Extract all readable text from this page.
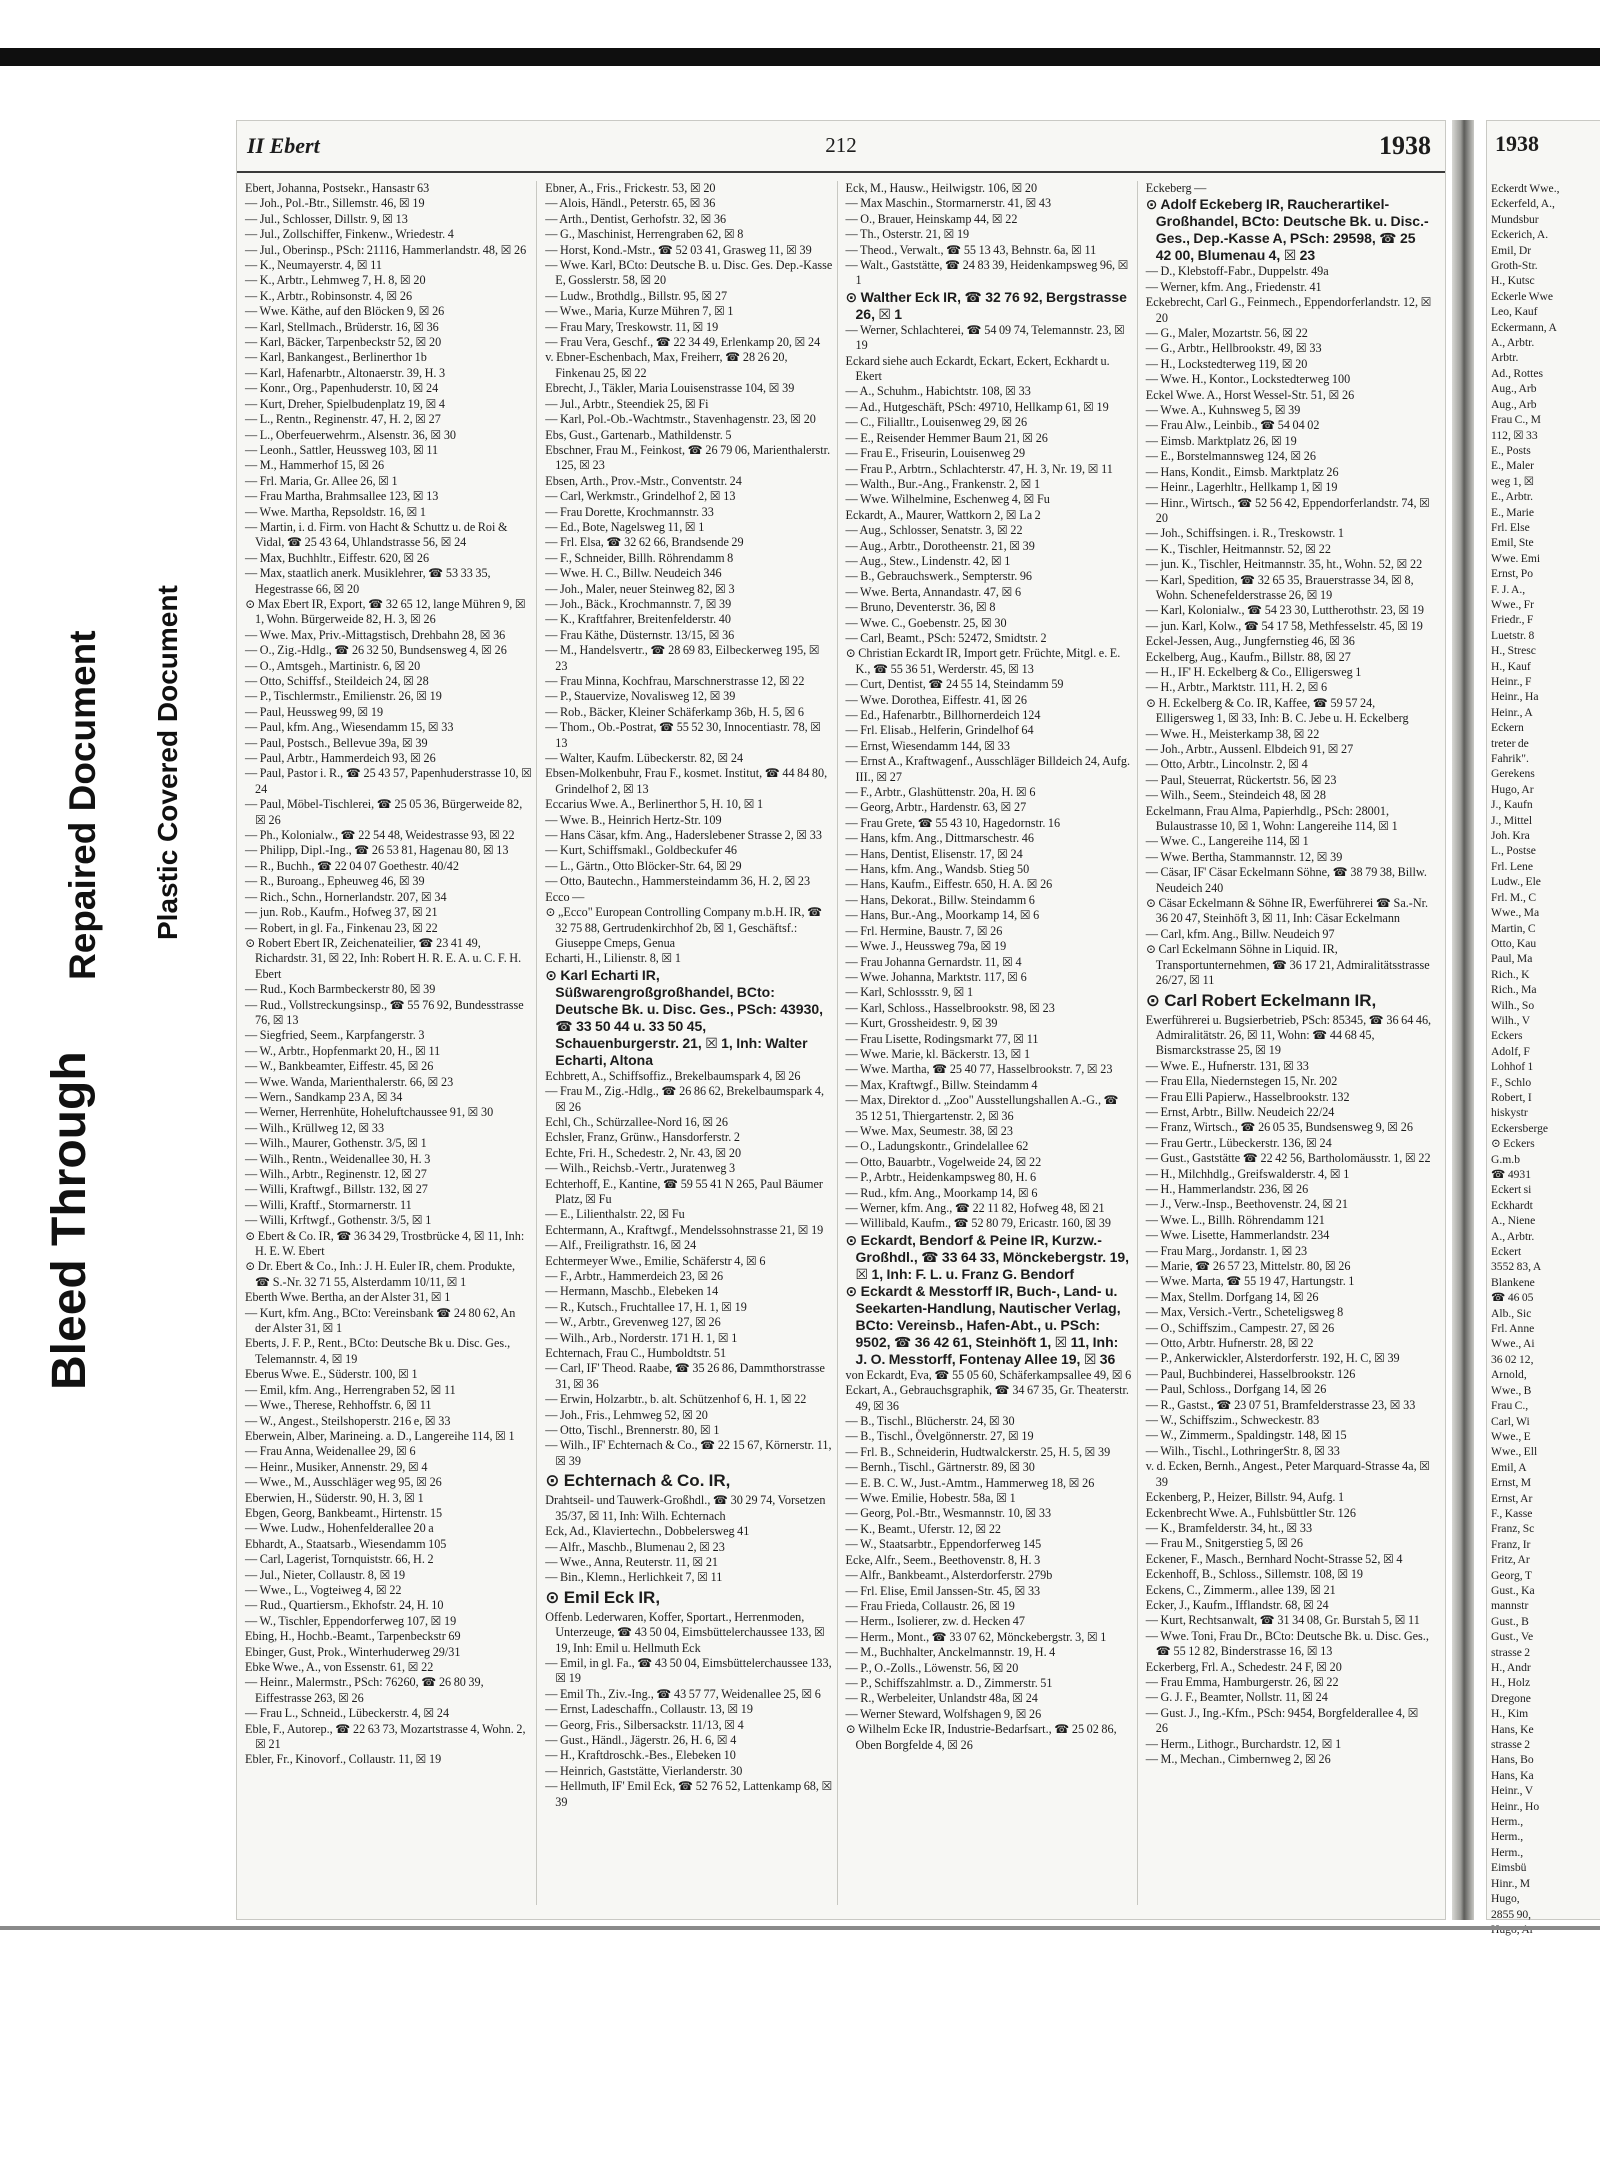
Bleed Through
Repaired Document Plastic Covered Document
II Ebert	212	1938

Ebert, Johanna, Postsekr., Hansastr 63

— Joh., Pol.-Btr., Sillemstr. 46, ☒ 19

— Jul., Schlosser, Dillstr. 9, ☒ 13

— Jul., Zollschiffer, Finkenw., Wriedestr. 4

— Jul., Oberinsp., PSch: 21116, Hammerlandstr. 48, ☒ 26

— K., Neumayerstr. 4, ☒ 11

— K., Arbtr., Lehmweg 7, H. 8, ☒ 20

— K., Arbtr., Robinsonstr. 4, ☒ 26

— Wwe. Käthe, auf den Blöcken 9, ☒ 26

— Karl, Stellmach., Brüderstr. 16, ☒ 36

— Karl, Bäcker, Tarpenbeckstr 52, ☒ 20

— Karl, Bankangest., Berlinerthor 1b

— Karl, Hafenarbtr., Altonaerstr. 39, H. 3

— Konr., Org., Papenhuderstr. 10, ☒ 24

— Kurt, Dreher, Spielbudenplatz 19, ☒ 4

— L., Rentn., Reginenstr. 47, H. 2, ☒ 27

— L., Oberfeuerwehrm., Alsenstr. 36, ☒ 30

— Leonh., Sattler, Heussweg 103, ☒ 11

— M., Hammerhof 15, ☒ 26

— Frl. Maria, Gr. Allee 26, ☒ 1

— Frau Martha, Brahmsallee 123, ☒ 13

— Wwe. Martha, Repsoldstr. 16, ☒ 1

— Martin, i. d. Firm. von Hacht & Schuttz u. de Roi & Vidal, ☎ 25 43 64, Uhlandstrasse 56, ☒ 24

— Max, Buchhltr., Eiffestr. 620, ☒ 26

— Max, staatlich anerk. Musiklehrer, ☎ 53 33 35, Hegestrasse 66, ☒ 20

⊙ Max Ebert IR, Export, ☎ 32 65 12, lange Mühren 9, ☒ 1, Wohn. Bürgerweide 82, H. 3, ☒ 26

— Wwe. Max, Priv.-Mittagstisch, Drehbahn 28, ☒ 36

— O., Zig.-Hdlg., ☎ 26 32 50, Bundsensweg 4, ☒ 26

— O., Amtsgeh., Martinistr. 6, ☒ 20

— Otto, Schiffsf., Steildeich 24, ☒ 28

— P., Tischlermstr., Emilienstr. 26, ☒ 19

— Paul, Heussweg 99, ☒ 19

— Paul, kfm. Ang., Wiesendamm 15, ☒ 33

— Paul, Postsch., Bellevue 39a, ☒ 39

— Paul, Arbtr., Hammerdeich 93, ☒ 26

— Paul, Pastor i. R., ☎ 25 43 57, Papenhuderstrasse 10, ☒ 24

— Paul, Möbel-Tischlerei, ☎ 25 05 36, Bürgerweide 82, ☒ 26

— Ph., Kolonialw., ☎ 22 54 48, Weidestrasse 93, ☒ 22

— Philipp, Dipl.-Ing., ☎ 26 53 81, Hagenau 80, ☒ 13

— R., Buchh., ☎ 22 04 07 Goethestr. 40/42

— R., Buroang., Epheuweg 46, ☒ 39

— Rich., Schn., Hornerlandstr. 207, ☒ 34

— jun. Rob., Kaufm., Hofweg 37, ☒ 21

— Robert, in gl. Fa., Finkenau 23, ☒ 22

⊙ Robert Ebert IR, Zeichenateilier, ☎ 23 41 49, Richardstr. 31, ☒ 22, Inh: Robert H. R. E. A. u. C. F. H. Ebert

— Rud., Koch Barmbeckerstr 80, ☒ 39

— Rud., Vollstreckungsinsp., ☎ 55 76 92, Bundesstrasse 76, ☒ 13

— Siegfried, Seem., Karpfangerstr. 3

— W., Arbtr., Hopfenmarkt 20, H., ☒ 11

— W., Bankbeamter, Eiffestr. 45, ☒ 26

— Wwe. Wanda, Marienthalerstr. 66, ☒ 23

— Wern., Sandkamp 23 A, ☒ 34

— Werner, Herrenhüte, Hoheluftchaussee 91, ☒ 30

— Wilh., Krüllweg 12, ☒ 33

— Wilh., Maurer, Gothenstr. 3/5, ☒ 1

— Wilh., Rentn., Weidenallee 30, H. 3

— Wilh., Arbtr., Reginenstr. 12, ☒ 27

— Willi, Kraftwgf., Billstr. 132, ☒ 27

— Willi, Kraftf., Stormarnerstr. 11

— Willi, Krftwgf., Gothenstr. 3/5, ☒ 1

⊙ Ebert & Co. IR, ☎ 36 34 29, Trostbrücke 4, ☒ 11, Inh: H. E. W. Ebert

⊙ Dr. Ebert & Co., Inh.: J. H. Euler IR, chem. Produkte, ☎ S.-Nr. 32 71 55, Alsterdamm 10/11, ☒ 1

Eberth Wwe. Bertha, an der Alster 31, ☒ 1

— Kurt, kfm. Ang., BCto: Vereinsbank ☎ 24 80 62, An der Alster 31, ☒ 1

Eberts, J. F. P., Rent., BCto: Deutsche Bk u. Disc. Ges., Telemannstr. 4, ☒ 19

Eberus Wwe. E., Süderstr. 100, ☒ 1

— Emil, kfm. Ang., Herrengraben 52, ☒ 11

— Wwe., Therese, Rehhoffstr. 6, ☒ 11

— W., Angest., Steilshoperstr. 216 e, ☒ 33

Eberwein, Alber, Marineing. a. D., Langereihe 114, ☒ 1

— Frau Anna, Weidenallee 29, ☒ 6

— Heinr., Musiker, Annenstr. 29, ☒ 4

— Wwe., M., Ausschläger weg 95, ☒ 26

Eberwien, H., Süderstr. 90, H. 3, ☒ 1

Ebgen, Georg, Bankbeamt., Hirtenstr. 15

— Wwe. Ludw., Hohenfelderallee 20 a

Ebhardt, A., Staatsarb., Wiesendamm 105

— Carl, Lagerist, Tornquiststr. 66, H. 2

— Jul., Nieter, Collaustr. 8, ☒ 19

— Wwe., L., Vogteiweg 4, ☒ 22

— Rud., Quartiersm., Ekhofstr. 24, H. 10

— W., Tischler, Eppendorferweg 107, ☒ 19

Ebing, H., Hochb.-Beamt., Tarpenbeckstr 69

Ebinger, Gust, Prok., Winterhuderweg 29/31

Ebke Wwe., A., von Essenstr. 61, ☒ 22

— Heinr., Malermstr., PSch: 76260, ☎ 26 80 39, Eiffestrasse 263, ☒ 26

— Frau L., Schneid., Lübeckerstr. 4, ☒ 24

Eble, F., Autorep., ☎ 22 63 73, Mozartstrasse 4, Wohn. 2, ☒ 21

Ebler, Fr., Kinovorf., Collaustr. 11, ☒ 19

Ebner, A., Fris., Frickestr. 53, ☒ 20

— Alois, Händl., Peterstr. 65, ☒ 36

— Arth., Dentist, Gerhofstr. 32, ☒ 36

— G., Maschinist, Herrengraben 62, ☒ 8

— Horst, Kond.-Mstr., ☎ 52 03 41, Grasweg 11, ☒ 39

— Wwe. Karl, BCto: Deutsche B. u. Disc. Ges. Dep.-Kasse E, Gosslerstr. 58, ☒ 20

— Ludw., Brothdlg., Billstr. 95, ☒ 27

— Wwe., Maria, Kurze Mühren 7, ☒ 1

— Frau Mary, Treskowstr. 11, ☒ 19

— Frau Vera, Geschf., ☎ 22 34 49, Erlenkamp 20, ☒ 24

v. Ebner-Eschenbach, Max, Freiherr, ☎ 28 26 20, Finkenau 25, ☒ 22

Ebrecht, J., Täkler, Maria Louisenstrasse 104, ☒ 39

— Jul., Arbtr., Steendiek 25, ☒ Fi

— Karl, Pol.-Ob.-Wachtmstr., Stavenhagenstr. 23, ☒ 20

Ebs, Gust., Gartenarb., Mathildenstr. 5

Ebschner, Frau M., Feinkost, ☎ 26 79 06, Marienthalerstr. 125, ☒ 23

Ebsen, Arth., Prov.-Mstr., Conventstr. 24

— Carl, Werkmstr., Grindelhof 2, ☒ 13

— Frau Dorette, Krochmannstr. 33

— Ed., Bote, Nagelsweg 11, ☒ 1

— Frl. Elsa, ☎ 32 62 66, Brandsende 29

— F., Schneider, Billh. Röhrendamm 8

— Wwe. H. C., Billw. Neudeich 346

— Joh., Maler, neuer Steinweg 82, ☒ 3

— Joh., Bäck., Krochmannstr. 7, ☒ 39

— K., Kraftfahrer, Breitenfelderstr. 40

— Frau Käthe, Düsternstr. 13/15, ☒ 36

— M., Handelsvertr., ☎ 28 69 83, Eilbeckerweg 195, ☒ 23

— Frau Minna, Kochfrau, Marschnerstrasse 12, ☒ 22

— P., Stauervize, Novalisweg 12, ☒ 39

— Rob., Bäcker, Kleiner Schäferkamp 36b, H. 5, ☒ 6

— Thom., Ob.-Postrat, ☎ 55 52 30, Innocentiastr. 78, ☒ 13

— Walter, Kaufm. Lübeckerstr. 82, ☒ 24

Ebsen-Molkenbuhr, Frau F., kosmet. Institut, ☎ 44 84 80, Grindelhof 2, ☒ 13

Eccarius Wwe. A., Berlinerthor 5, H. 10, ☒ 1

— Wwe. B., Heinrich Hertz-Str. 109

— Hans Cäsar, kfm. Ang., Haderslebener Strasse 2, ☒ 33

— Kurt, Schiffsmakl., Goldbeckufer 46

— L., Gärtn., Otto Blöcker-Str. 64, ☒ 29

— Otto, Bautechn., Hammersteindamm 36, H. 2, ☒ 23

Ecco —

⊙ „Ecco" European Controlling Company m.b.H. IR, ☎ 32 75 88, Gertrudenkirchhof 2b, ☒ 1, Geschäftsf.: Giuseppe Cmeps, Genua

Echarti, H., Lilienstr. 8, ☒ 1

⊙ Karl Echarti IR, Süßwarengroßgroßhandel, BCto: Deutsche Bk. u. Disc. Ges., PSch: 43930, ☎ 33 50 44 u. 33 50 45, Schauenburgerstr. 21, ☒ 1, Inh: Walter Echarti, Altona

Echbrett, A., Schiffsoffiz., Brekelbaumspark 4, ☒ 26

— Frau M., Zig.-Hdlg., ☎ 26 86 62, Brekelbaumspark 4, ☒ 26

Echl, Ch., Schürzallee-Nord 16, ☒ 26

Echsler, Franz, Grünw., Hansdorferstr. 2

Echte, Fri. H., Schedestr. 2, Nr. 43, ☒ 20

— Wilh., Reichsb.-Vertr., Juratenweg 3

Echterhoff, E., Kantine, ☎ 59 55 41 N 265, Paul Bäumer Platz, ☒ Fu

— E., Lilienthalstr. 22, ☒ Fu

Echtermann, A., Kraftwgf., Mendelssohnstrasse 21, ☒ 19

— Alf., Freiligrathstr. 16, ☒ 24

Echtermeyer Wwe., Emilie, Schäferstr 4, ☒ 6

— F., Arbtr., Hammerdeich 23, ☒ 26

— Hermann, Maschb., Elebeken 14

— R., Kutsch., Fruchtallee 17, H. 1, ☒ 19

— W., Arbtr., Grevenweg 127, ☒ 26

— Wilh., Arb., Norderstr. 171 H. 1, ☒ 1

Echternach, Frau C., Humboldtstr. 51

— Carl, IF' Theod. Raabe, ☎ 35 26 86, Dammthorstrasse 31, ☒ 36

— Erwin, Holzarbtr., b. alt. Schützenhof 6, H. 1, ☒ 22

— Joh., Fris., Lehmweg 52, ☒ 20

— Otto, Tischl., Brennerstr. 80, ☒ 1

— Wilh., IF' Echternach & Co., ☎ 22 15 67, Körnerstr. 11, ☒ 39

⊙ Echternach & Co. IR,

Drahtseil- und Tauwerk-Großhdl., ☎ 30 29 74, Vorsetzen 35/37, ☒ 11, Inh: Wilh. Echternach

Eck, Ad., Klaviertechn., Dobbelersweg 41

— Alfr., Maschb., Blumenau 2, ☒ 23

— Wwe., Anna, Reuterstr. 11, ☒ 21

— Bin., Klemn., Herlichkeit 7, ☒ 11

⊙ Emil Eck IR,

Offenb. Lederwaren, Koffer, Sportart., Herrenmoden, Unterzeuge, ☎ 43 50 04, Eimsbüttelerchaussee 133, ☒ 19, Inh: Emil u. Hellmuth Eck

— Emil, in gl. Fa., ☎ 43 50 04, Eimsbüttelerchaussee 133, ☒ 19

— Emil Th., Ziv.-Ing., ☎ 43 57 77, Weidenallee 25, ☒ 6

— Ernst, Ladeschaffn., Collaustr. 13, ☒ 19

— Georg, Fris., Silbersackstr. 11/13, ☒ 4

— Gust., Händl., Jägerstr. 26, H. 6, ☒ 4

— H., Kraftdroschk.-Bes., Elebeken 10

— Heinrich, Gaststätte, Vierlanderstr. 30

— Hellmuth, IF' Emil Eck, ☎ 52 76 52, Lattenkamp 68, ☒ 39

Eck, M., Hausw., Heilwigstr. 106, ☒ 20

— Max Maschin., Stormarnerstr. 41, ☒ 43

— O., Brauer, Heinskamp 44, ☒ 22

— Th., Osterstr. 21, ☒ 19

— Theod., Verwalt., ☎ 55 13 43, Behnstr. 6a, ☒ 11

— Walt., Gaststätte, ☎ 24 83 39, Heidenkampsweg 96, ☒ 1

⊙ Walther Eck IR, ☎ 32 76 92, Bergstrasse 26, ☒ 1

— Werner, Schlachterei, ☎ 54 09 74, Telemannstr. 23, ☒ 19

Eckard siehe auch Eckardt, Eckart, Eckert, Eckhardt u. Ekert

— A., Schuhm., Habichtstr. 108, ☒ 33

— Ad., Hutgeschäft, PSch: 49710, Hellkamp 61, ☒ 19

— C., Filialltr., Louisenweg 29, ☒ 26

— E., Reisender Hemmer Baum 21, ☒ 26

— Frau E., Friseurin, Louisenweg 29

— Frau P., Arbtrn., Schlachterstr. 47, H. 3, Nr. 19, ☒ 11

— Walth., Bur.-Ang., Frankenstr. 2, ☒ 1

— Wwe. Wilhelmine, Eschenweg 4, ☒ Fu

Eckardt, A., Maurer, Wattkorn 2, ☒ La 2

— Aug., Schlosser, Senatstr. 3, ☒ 22

— Aug., Arbtr., Dorotheenstr. 21, ☒ 39

— Aug., Stew., Lindenstr. 42, ☒ 1

— B., Gebrauchswerk., Sempterstr. 96

— Wwe. Berta, Annandastr. 47, ☒ 6

— Bruno, Deventerstr. 36, ☒ 8

— Wwe. C., Goebenstr. 25, ☒ 30

— Carl, Beamt., PSch: 52472, Smidtstr. 2

⊙ Christian Eckardt IR, Import getr. Früchte, Mitgl. e. E. K., ☎ 55 36 51, Werderstr. 45, ☒ 13

— Curt, Dentist, ☎ 24 55 14, Steindamm 59

— Wwe. Dorothea, Eiffestr. 41, ☒ 26

— Ed., Hafenarbtr., Billhornerdeich 124

— Frl. Elisab., Helferin, Grindelhof 64

— Ernst, Wiesendamm 144, ☒ 33

— Ernst A., Kraftwagenf., Ausschläger Billdeich 24, Aufg. III., ☒ 27

— F., Arbtr., Glashüttenstr. 20a, H. ☒ 6

— Georg, Arbtr., Hardenstr. 63, ☒ 27

— Frau Grete, ☎ 55 43 10, Hagedornstr. 16

— Hans, kfm. Ang., Dittmarschestr. 46

— Hans, Dentist, Elisenstr. 17, ☒ 24

— Hans, kfm. Ang., Wandsb. Stieg 50

— Hans, Kaufm., Eiffestr. 650, H. A. ☒ 26

— Hans, Dekorat., Billw. Steindamm 6

— Hans, Bur.-Ang., Moorkamp 14, ☒ 6

— Frl. Hermine, Baustr. 7, ☒ 26

— Wwe. J., Heussweg 79a, ☒ 19

— Frau Johanna Gernardstr. 11, ☒ 4

— Wwe. Johanna, Marktstr. 117, ☒ 6

— Karl, Schlossstr. 9, ☒ 1

— Karl, Schloss., Hasselbrookstr. 98, ☒ 23

— Kurt, Grossheidestr. 9, ☒ 39

— Frau Lisette, Rodingsmarkt 77, ☒ 11

— Wwe. Marie, kl. Bäckerstr. 13, ☒ 1

— Wwe. Martha, ☎ 25 40 77, Hasselbrookstr. 7, ☒ 23

— Max, Kraftwgf., Billw. Steindamm 4

— Max, Direktor d. „Zoo" Ausstellungshallen A.-G., ☎ 35 12 51, Thiergartenstr. 2, ☒ 36

— Wwe. Max, Seumestr. 38, ☒ 23

— O., Ladungskontr., Grindelallee 62

— Otto, Bauarbtr., Vogelweide 24, ☒ 22

— P., Arbtr., Heidenkampsweg 80, H. 6

— Rud., kfm. Ang., Moorkamp 14, ☒ 6

— Werner, kfm. Ang., ☎ 22 11 82, Hofweg 48, ☒ 21

— Willibald, Kaufm., ☎ 52 80 79, Ericastr. 160, ☒ 39

⊙ Eckardt, Bendorf & Peine IR, Kurzw.-Großhdl., ☎ 33 64 33, Mönckebergstr. 19, ☒ 1, Inh: F. L. u. Franz G. Bendorf

⊙ Eckardt & Messtorff IR, Buch-, Land- u. Seekarten-Handlung, Nautischer Verlag, BCto: Vereinsb., Hafen-Abt., u. PSch: 9502, ☎ 36 42 61, Steinhöft 1, ☒ 11, Inh: J. O. Messtorff, Fontenay Allee 19, ☒ 36

von Eckardt, Eva, ☎ 55 05 60, Schäferkampsallee 49, ☒ 6

Eckart, A., Gebrauchsgraphik, ☎ 34 67 35, Gr. Theaterstr. 49, ☒ 36

— B., Tischl., Blücherstr. 24, ☒ 30

— B., Tischl., Övelgönnerstr. 27, ☒ 19

— Frl. B., Schneiderin, Hudtwalckerstr. 25, H. 5, ☒ 39

— Bernh., Tischl., Gärtnerstr. 89, ☒ 30

— E. B. C. W., Just.-Amtm., Hammerweg 18, ☒ 26

— Wwe. Emilie, Hobestr. 58a, ☒ 1

— Georg, Pol.-Btr., Wesmannstr. 10, ☒ 33

— K., Beamt., Uferstr. 12, ☒ 22

— W., Staatsarbtr., Eppendorferweg 145

Ecke, Alfr., Seem., Beethovenstr. 8, H. 3

— Alfr., Bankbeamt., Alsterdorferstr. 279b

— Frl. Elise, Emil Janssen-Str. 45, ☒ 33

— Frau Frieda, Collaustr. 26, ☒ 19

— Herm., Isolierer, zw. d. Hecken 47

— Herm., Mont., ☎ 33 07 62, Mönckebergstr. 3, ☒ 1

— M., Buchhalter, Anckelmannstr. 19, H. 4

— P., O.-Zolls., Löwenstr. 56, ☒ 20

— P., Schiffszahlmstr. a. D., Zimmerstr. 51

— R., Werbeleiter, Unlandstr 48a, ☒ 24

— Werner Steward, Wolfshagen 9, ☒ 26

⊙ Wilhelm Ecke IR, Industrie-Bedarfsart., ☎ 25 02 86, Oben Borgfelde 4, ☒ 26

Eckeberg —

⊙ Adolf Eckeberg IR, Raucherartikel-Großhandel, BCto: Deutsche Bk. u. Disc.-Ges., Dep.-Kasse A, PSch: 29598, ☎ 25 42 00, Blumenau 4, ☒ 23

— D., Klebstoff-Fabr., Duppelstr. 49a

— Werner, kfm. Ang., Friedenstr. 41

Eckebrecht, Carl G., Feinmech., Eppendorferlandstr. 12, ☒ 20

— G., Maler, Mozartstr. 56, ☒ 22

— G., Arbtr., Hellbrookstr. 49, ☒ 33

— H., Lockstedterweg 119, ☒ 20

— Wwe. H., Kontor., Lockstedterweg 100

Eckel Wwe. A., Horst Wessel-Str. 51, ☒ 26

— Wwe. A., Kuhnsweg 5, ☒ 39

— Frau Alw., Leinbib., ☎ 54 04 02

— Eimsb. Marktplatz 26, ☒ 19

— E., Borstelmannsweg 124, ☒ 26

— Hans, Kondit., Eimsb. Marktplatz 26

— Heinr., Lagerhltr., Hellkamp 1, ☒ 19

— Hinr., Wirtsch., ☎ 52 56 42, Eppendorferlandstr. 74, ☒ 20

— Joh., Schiffsingen. i. R., Treskowstr. 1

— K., Tischler, Heitmannstr. 52, ☒ 22

— jun. K., Tischler, Heitmannstr. 35, ht., Wohn. 52, ☒ 22

— Karl, Spedition, ☎ 32 65 35, Brauerstrasse 34, ☒ 8, Wohn. Schenefelderstrasse 26, ☒ 19

— Karl, Kolonialw., ☎ 54 23 30, Luttherothstr. 23, ☒ 19

— jun. Karl, Kolw., ☎ 54 17 58, Methfesselstr. 45, ☒ 19

Eckel-Jessen, Aug., Jungfernstieg 46, ☒ 36

Eckelberg, Aug., Kaufm., Billstr. 88, ☒ 27

— H., IF' H. Eckelberg & Co., Elligersweg 1

— H., Arbtr., Marktstr. 111, H. 2, ☒ 6

⊙ H. Eckelberg & Co. IR, Kaffee, ☎ 59 57 24, Elligersweg 1, ☒ 33, Inh: B. C. Jebe u. H. Eckelberg

— Wwe. H., Meisterkamp 38, ☒ 22

— Joh., Arbtr., Aussenl. Elbdeich 91, ☒ 27

— Otto, Arbtr., Lincolnstr. 2, ☒ 4

— Paul, Steuerrat, Rückertstr. 56, ☒ 23

— Wilh., Seem., Steindeich 48, ☒ 28

Eckelmann, Frau Alma, Papierhdlg., PSch: 28001, Bulaustrasse 10, ☒ 1, Wohn: Langereihe 114, ☒ 1

— Wwe. C., Langereihe 114, ☒ 1

— Wwe. Bertha, Stammannstr. 12, ☒ 39

— Cäsar, IF' Cäsar Eckelmann Söhne, ☎ 38 79 38, Billw. Neudeich 240

⊙ Cäsar Eckelmann & Söhne IR, Ewerführerei ☎ Sa.-Nr. 36 20 47, Steinhöft 3, ☒ 11, Inh: Cäsar Eckelmann

— Carl, kfm. Ang., Billw. Neudeich 97

⊙ Carl Eckelmann Söhne in Liquid. IR, Transportunternehmen, ☎ 36 17 21, Admiralitätsstrasse 26/27, ☒ 11

⊙ Carl Robert Eckelmann IR,

Ewerführerei u. Bugsierbetrieb, PSch: 85345, ☎ 36 64 46, Admiralitätstr. 26, ☒ 11, Wohn: ☎ 44 68 45, Bismarckstrasse 25, ☒ 19

— Wwe. E., Hufnerstr. 131, ☒ 33

— Frau Ella, Niedernstegen 15, Nr. 202

— Frau Elli Papierw., Hasselbrookstr. 132

— Ernst, Arbtr., Billw. Neudeich 22/24

— Franz, Wirtsch., ☎ 26 05 35, Bundsensweg 9, ☒ 26

— Frau Gertr., Lübeckerstr. 136, ☒ 24

— Gust., Gaststätte ☎ 22 42 56, Bartholomäusstr. 1, ☒ 22

— H., Milchhdlg., Greifswalderstr. 4, ☒ 1

— H., Hammerlandstr. 236, ☒ 26

— J., Verw.-Insp., Beethovenstr. 24, ☒ 21

— Wwe. L., Billh. Röhrendamm 121

— Wwe. Lisette, Hammerlandstr. 234

— Frau Marg., Jordanstr. 1, ☒ 23

— Marie, ☎ 26 57 23, Mittelstr. 80, ☒ 26

— Wwe. Marta, ☎ 55 19 47, Hartungstr. 1

— Max, Stellm. Dorfgang 14, ☒ 26

— Max, Versich.-Vertr., Scheteligsweg 8

— O., Schiffszim., Campestr. 27, ☒ 26

— Otto, Arbtr. Hufnerstr. 28, ☒ 22

— P., Ankerwickler, Alsterdorferstr. 192, H. C, ☒ 39

— Paul, Buchbinderei, Hasselbrookstr. 126

— Paul, Schloss., Dorfgang 14, ☒ 26

— R., Gastst., ☎ 23 07 51, Bramfelderstrasse 23, ☒ 33

— W., Schiffszim., Schweckestr. 83

— W., Zimmerm., Spaldingstr. 148, ☒ 15

— Wilh., Tischl., LothringerStr. 8, ☒ 33

v. d. Ecken, Bernh., Angest., Peter Marquard-Strasse 4a, ☒ 39

Eckenberg, P., Heizer, Billstr. 94, Aufg. 1

Eckenbrecht Wwe. A., Fuhlsbüttler Str. 126

— K., Bramfelderstr. 34, ht., ☒ 33

— Frau M., Snitgerstieg 5, ☒ 26

Eckener, F., Masch., Bernhard Nocht-Strasse 52, ☒ 4

Eckenhoff, B., Schloss., Sillemstr. 108, ☒ 19

Eckens, C., Zimmerm., allee 139, ☒ 21

Ecker, J., Kaufm., Ifflandstr. 68, ☒ 24

— Kurt, Rechtsanwalt, ☎ 31 34 08, Gr. Burstah 5, ☒ 11

— Wwe. Toni, Frau Dr., BCto: Deutsche Bk. u. Disc. Ges., ☎ 55 12 82, Binderstrasse 16, ☒ 13

Eckerberg, Frl. A., Schedestr. 24 F, ☒ 20

— Frau Emma, Hamburgerstr. 26, ☒ 22

— G. J. F., Beamter, Nollstr. 11, ☒ 24

— Gust. J., Ing.-Kfm., PSch: 9454, Borgfelderallee 4, ☒ 26

— Herm., Lithogr., Burchardstr. 12, ☒ 1

— M., Mechan., Cimbernweg 2, ☒ 26

1938

Eckerdt Wwe.,

Eckerfeld, A.,

Mundsbur

Eckerich, A.

Emil, Dr

Groth-Str.

H., Kutsc

Eckerle Wwe

Leo, Kauf

Eckermann, A

A., Arbtr.

Arbtr.

Ad., Rottes

Aug., Arb

Aug., Arb

Frau C., M

112, ☒ 33

E., Posts

E., Maler

weg 1, ☒

E., Arbtr.

E., Marie

Frl. Else

Emil, Ste

Wwe. Emi

Ernst, Po

F. J. A.,

Wwe., Fr

Friedr., F

Luetstr. 8

H., Stresc

H., Kauf

Heinr., F

Heinr., Ha

Heinr., A

Eckern

treter de

Fahrik".

Gerekens

Hugo, Ar

J., Kaufn

J., Mittel

Joh. Kra

L., Postse

Frl. Lene

Ludw., Ele

Frl. M., C

Wwe., Ma

Martin, C

Otto, Kau

Paul, Ma

Rich., K

Rich., Ma

Wilh., So

Wilh., V

Eckers

Adolf, F

Lohhof 1

F., Schlo

Robert, I

hiskystr

Eckersberge

⊙ Eckers

G.m.b

☎ 4931

Eckert si

Eckhardt

A., Niene

A., Arbtr.

Eckert

3552 83, A

Blankene

☎ 46 05

Alb., Sic

Frl. Anne

Wwe., Ai

36 02 12,

Arnold,

Wwe., B

Frau C.,

Carl, Wi

Wwe., E

Wwe., Ell

Emil, A

Ernst, M

Ernst, Ar

F., Kasse

Franz, Sc

Franz, Ir

Fritz, Ar

Georg, T

Gust., Ka

mannstr

Gust., B

Gust., Ve

strasse 2

H., Andr

H., Holz

Dregone

H., Kim

Hans, Ke

strasse 2

Hans, Bo

Hans, Ka

Heinr., V

Heinr., Ho

Herm.,

Herm.,

Herm.,

Eimsbü

Hinr., M

Hugo,

2855 90,
